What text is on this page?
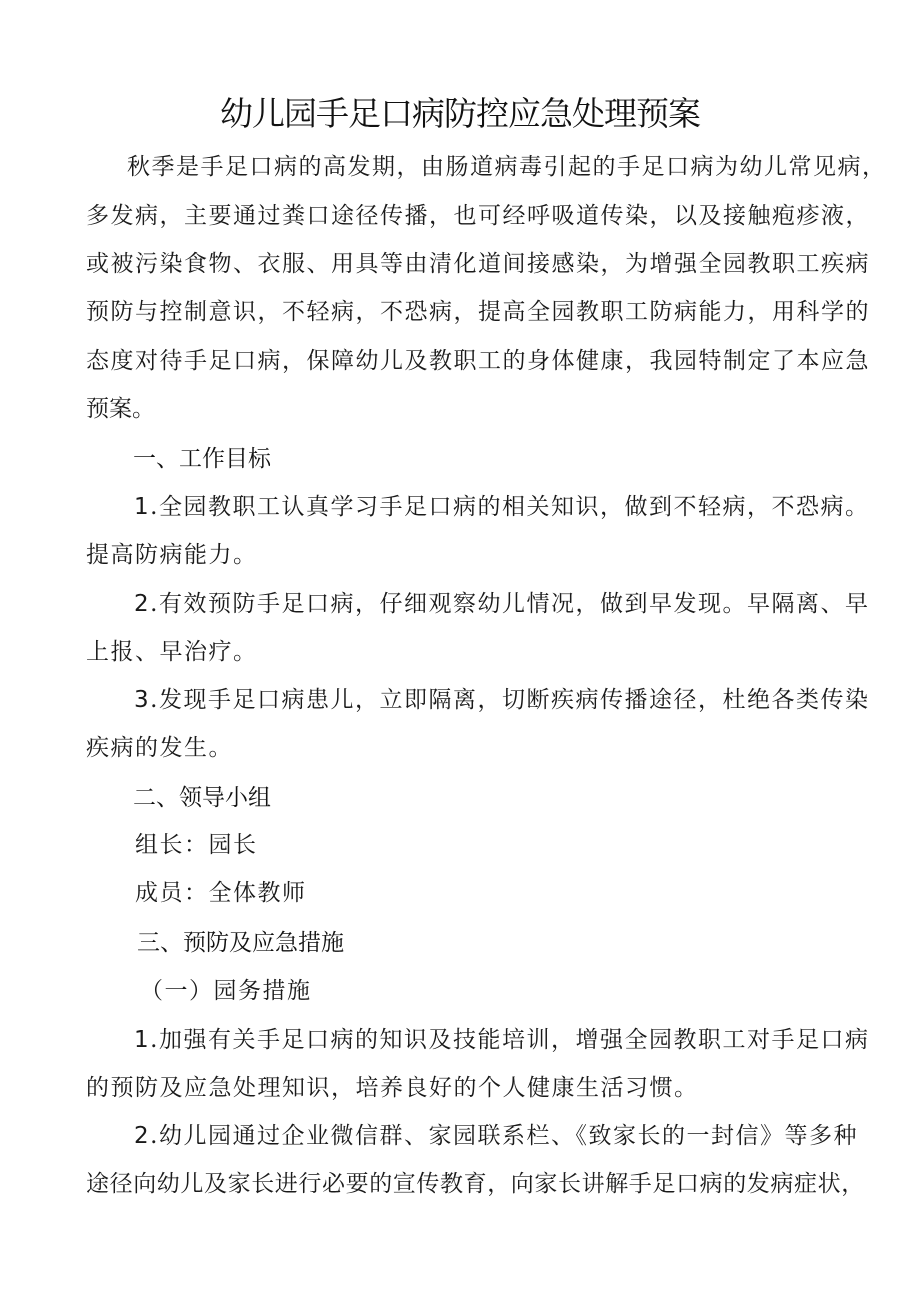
幼儿园手足口病防控应急处理预案
秋季是手足口病的高发期，由肠道病毒引起的手足口病为幼儿常见病，
多发病，主要通过粪口途径传播，也可经呼吸道传染，以及接触疱疹液，
或被污染食物、衣服、用具等由清化道间接感染，为增强全园教职工疾病
预防与控制意识，不轻病，不恐病，提高全园教职工防病能力，用科学的
态度对待手足口病，保障幼儿及教职工的身体健康，我园特制定了本应急
预案。
一、工作目标
1.全园教职工认真学习手足口病的相关知识，做到不轻病，不恐病。
提高防病能力。
2.有效预防手足口病，仔细观察幼儿情况，做到早发现。早隔离、早
上报、早治疗。
3.发现手足口病患儿，立即隔离，切断疾病传播途径，杜绝各类传染
疾病的发生。
二、领导小组
组长：园长
成员：全体教师
三、预防及应急措施
（一）园务措施
1.加强有关手足口病的知识及技能培训，增强全园教职工对手足口病
的预防及应急处理知识，培养良好的个人健康生活习惯。
2.幼儿园通过企业微信群、家园联系栏、《致家长的一封信》等多种
途径向幼儿及家长进行必要的宣传教育，向家长讲解手足口病的发病症状，
